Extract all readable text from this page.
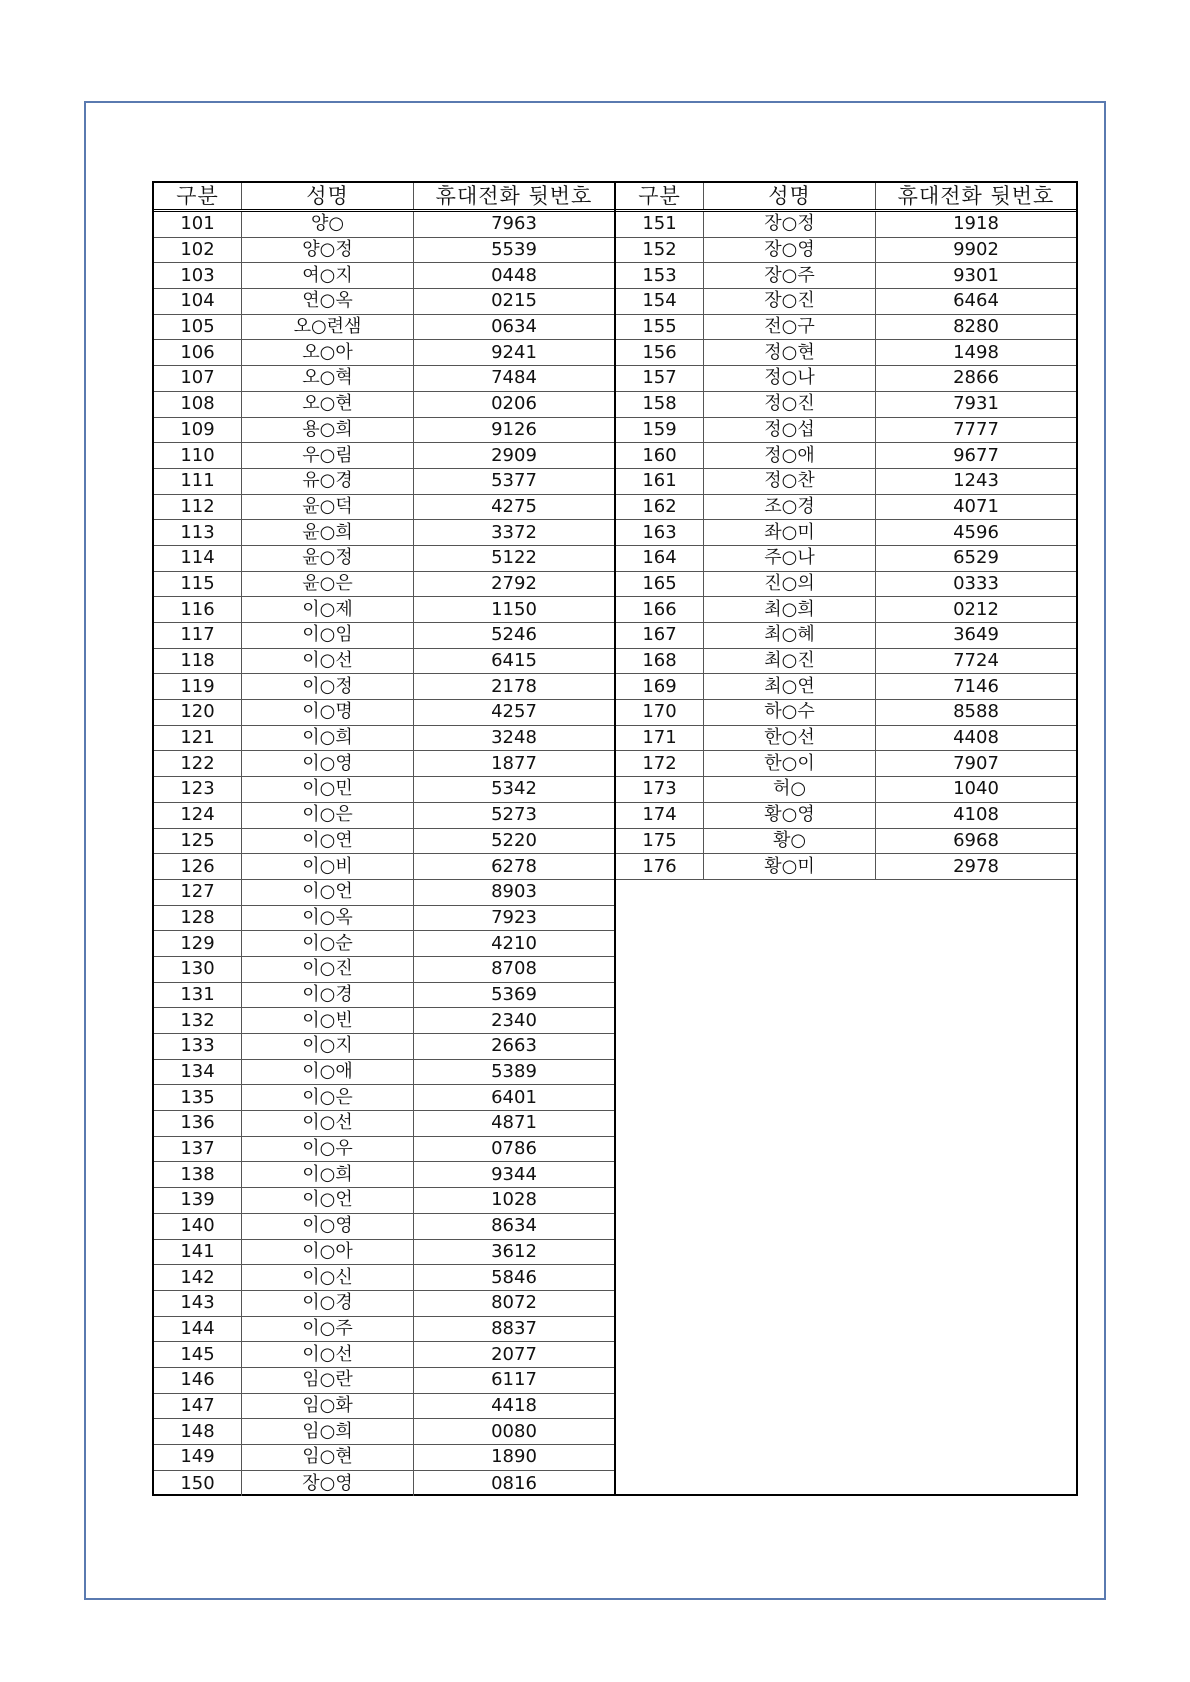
구분	성명	휴대전화 뒷번호
101	양○	7963
102	양○정	5539
103	여○지	0448
104	연○옥	0215
105	오○련샘	0634
106	오○아	9241
107	오○혁	7484
108	오○현	0206
109	용○희	9126
110	우○림	2909
111	유○경	5377
112	윤○덕	4275
113	윤○희	3372
114	윤○정	5122
115	윤○은	2792
116	이○제	1150
117	이○임	5246
118	이○선	6415
119	이○정	2178
120	이○명	4257
121	이○희	3248
122	이○영	1877
123	이○민	5342
124	이○은	5273
125	이○연	5220
126	이○비	6278
127	이○언	8903
128	이○옥	7923
129	이○순	4210
130	이○진	8708
131	이○경	5369
132	이○빈	2340
133	이○지	2663
134	이○애	5389
135	이○은	6401
136	이○선	4871
137	이○우	0786
138	이○희	9344
139	이○언	1028
140	이○영	8634
141	이○아	3612
142	이○신	5846
143	이○경	8072
144	이○주	8837
145	이○선	2077
146	임○란	6117
147	임○화	4418
148	임○희	0080
149	임○현	1890
150	장○영	0816
구분	성명	휴대전화 뒷번호
151	장○정	1918
152	장○영	9902
153	장○주	9301
154	장○진	6464
155	전○구	8280
156	정○현	1498
157	정○나	2866
158	정○진	7931
159	정○섭	7777
160	정○애	9677
161	정○찬	1243
162	조○경	4071
163	좌○미	4596
164	주○나	6529
165	진○의	0333
166	최○희	0212
167	최○혜	3649
168	최○진	7724
169	최○연	7146
170	하○수	8588
171	한○선	4408
172	한○이	7907
173	허○	1040
174	황○영	4108
175	황○	6968
176	황○미	2978
